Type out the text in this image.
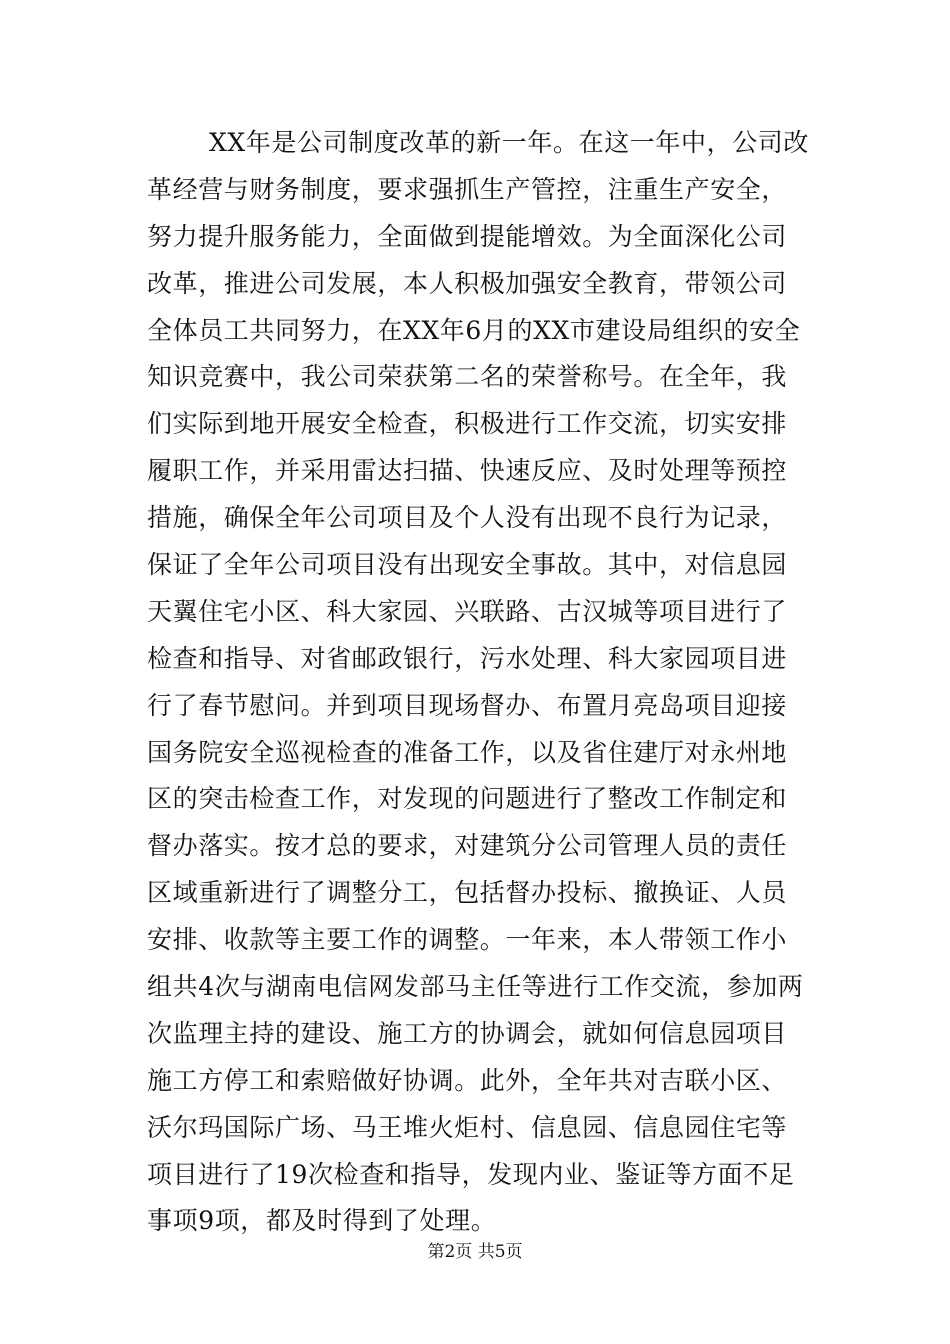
XX年是公司制度改革的新一年。在这一年中，公司改
革经营与财务制度，要求强抓生产管控，注重生产安全，
努力提升服务能力，全面做到提能增效。为全面深化公司
改革，推进公司发展，本人积极加强安全教育，带领公司
全体员工共同努力，在XX年6月的XX市建设局组织的安全
知识竞赛中，我公司荣获第二名的荣誉称号。在全年，我
们实际到地开展安全检查，积极进行工作交流，切实安排
履职工作，并采用雷达扫描、快速反应、及时处理等预控
措施，确保全年公司项目及个人没有出现不良行为记录，
保证了全年公司项目没有出现安全事故。其中，对信息园
天翼住宅小区、科大家园、兴联路、古汉城等项目进行了
检查和指导、对省邮政银行，污水处理、科大家园项目进
行了春节慰问。并到项目现场督办、布置月亮岛项目迎接
国务院安全巡视检查的准备工作，以及省住建厅对永州地
区的突击检查工作，对发现的问题进行了整改工作制定和
督办落实。按才总的要求，对建筑分公司管理人员的责任
区域重新进行了调整分工，包括督办投标、撤换证、人员
安排、收款等主要工作的调整。一年来，本人带领工作小
组共4次与湖南电信网发部马主任等进行工作交流，参加两
次监理主持的建设、施工方的协调会，就如何信息园项目
施工方停工和索赔做好协调。此外，全年共对吉联小区、
沃尔玛国际广场、马王堆火炬村、信息园、信息园住宅等
项目进行了19次检查和指导，发现内业、鉴证等方面不足
事项9项，都及时得到了处理。
第2页 共5页
